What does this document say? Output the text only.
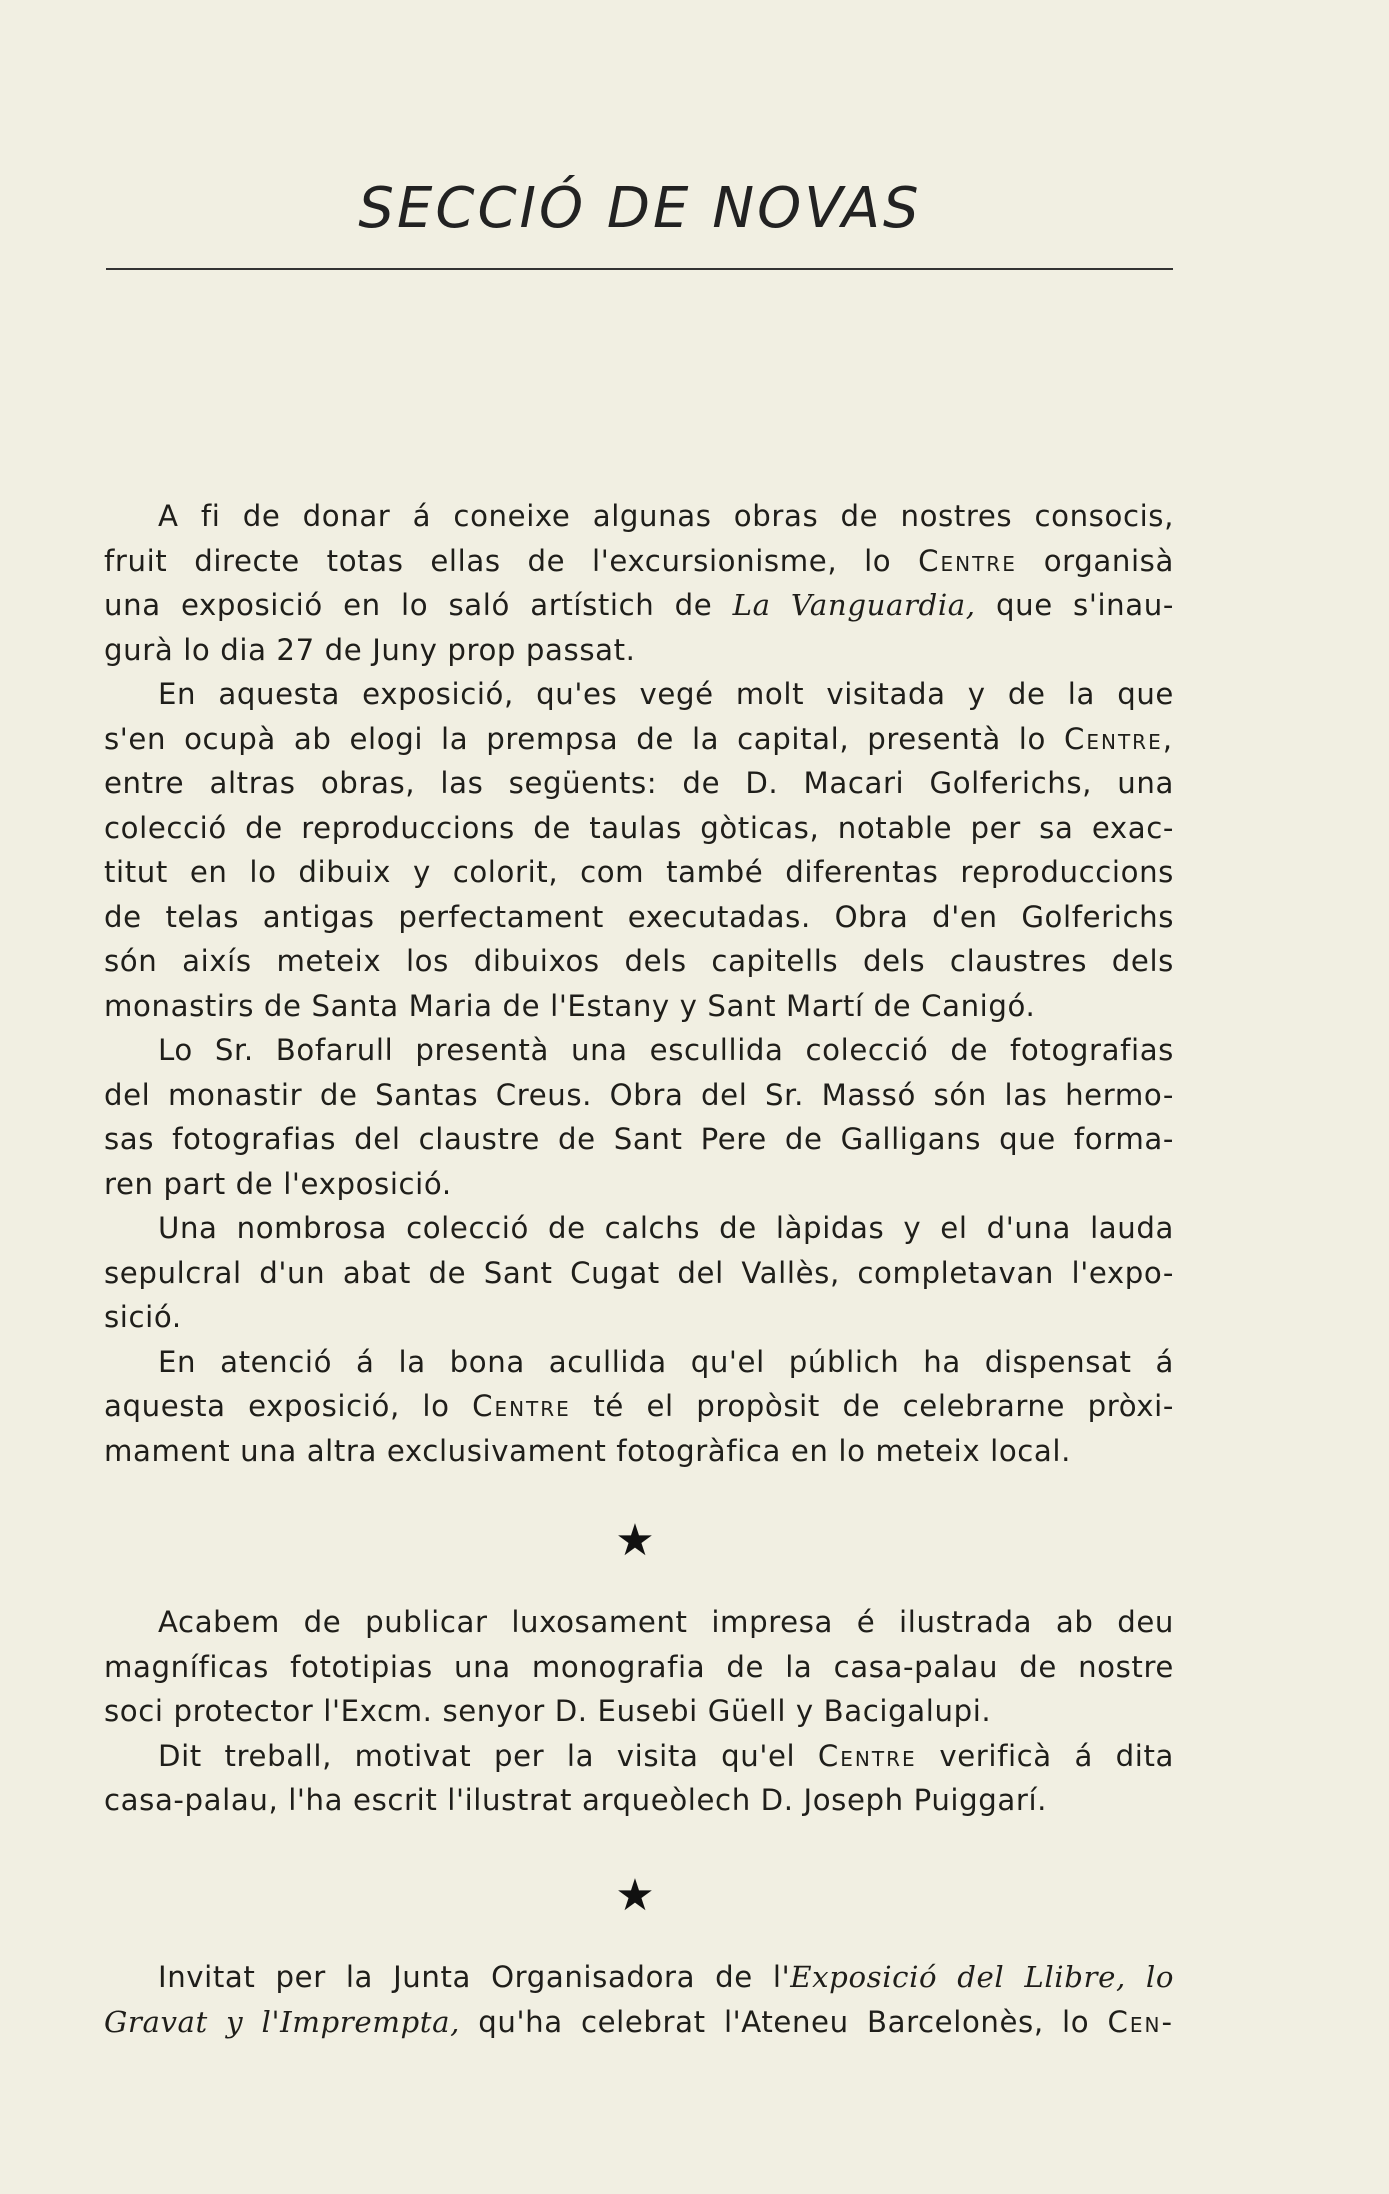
SECCIÓ DE NOVAS
A fi de donar á coneixe algunas obras de nostres consocis,
fruit directe totas ellas de l'excursionisme, lo Centre organisà
una exposició en lo saló artístich de La Vanguardia, que s'inau-
gurà lo dia 27 de Juny prop passat.
En aquesta exposició, qu'es vegé molt visitada y de la que
s'en ocupà ab elogi la prempsa de la capital, presentà lo Centre,
entre altras obras, las següents: de D. Macari Golferichs, una
colecció de reproduccions de taulas gòticas, notable per sa exac-
titut en lo dibuix y colorit, com també diferentas reproduccions
de telas antigas perfectament executadas. Obra d'en Golferichs
són aixís meteix los dibuixos dels capitells dels claustres dels
monastirs de Santa Maria de l'Estany y Sant Martí de Canigó.
Lo Sr. Bofarull presentà una escullida colecció de fotografias
del monastir de Santas Creus. Obra del Sr. Massó són las hermo-
sas fotografias del claustre de Sant Pere de Galligans que forma-
ren part de l'exposició.
Una nombrosa colecció de calchs de làpidas y el d'una lauda
sepulcral d'un abat de Sant Cugat del Vallès, completavan l'expo-
sició.
En atenció á la bona acullida qu'el públich ha dispensat á
aquesta exposició, lo Centre té el propòsit de celebrarne pròxi-
mament una altra exclusivament fotogràfica en lo meteix local.
★
Acabem de publicar luxosament impresa é ilustrada ab deu
magníficas fototipias una monografia de la casa-palau de nostre
soci protector l'Excm. senyor D. Eusebi Güell y Bacigalupi.
Dit treball, motivat per la visita qu'el Centre verificà á dita
casa-palau, l'ha escrit l'ilustrat arqueòlech D. Joseph Puiggarí.
★
Invitat per la Junta Organisadora de l'Exposició del Llibre, lo
Gravat y l'Imprempta, qu'ha celebrat l'Ateneu Barcelonès, lo Cen-
